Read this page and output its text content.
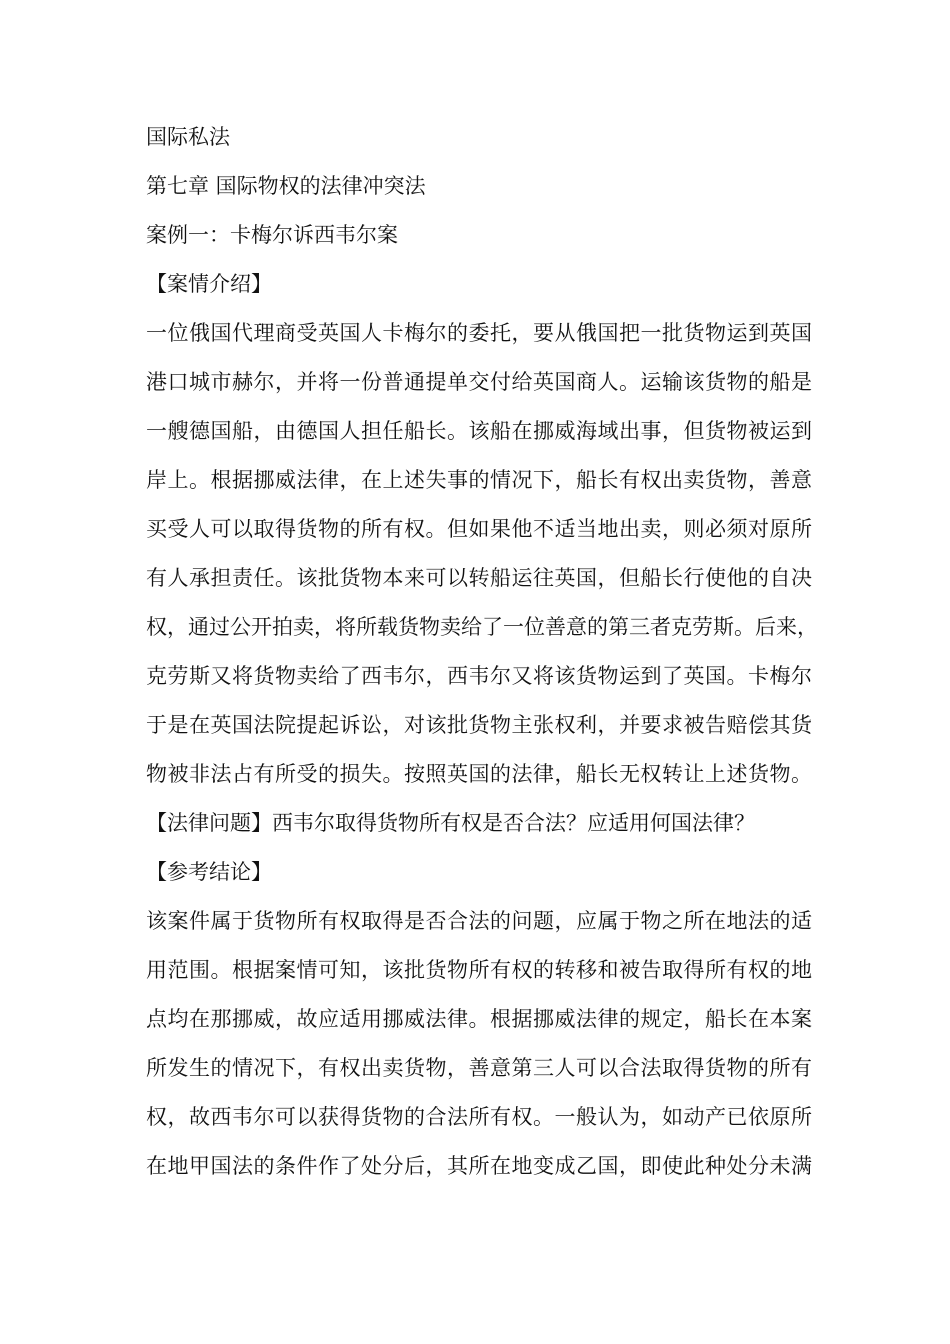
国际私法

第七章 国际物权的法律冲突法

案例一：卡梅尔诉西韦尔案

【案情介绍】

一位俄国代理商受英国人卡梅尔的委托，要从俄国把一批货物运到英国

港口城市赫尔，并将一份普通提单交付给英国商人。运输该货物的船是

一艘德国船，由德国人担任船长。该船在挪威海域出事，但货物被运到

岸上。根据挪威法律，在上述失事的情况下，船长有权出卖货物，善意

买受人可以取得货物的所有权。但如果他不适当地出卖，则必须对原所

有人承担责任。该批货物本来可以转船运往英国，但船长行使他的自决

权，通过公开拍卖，将所载货物卖给了一位善意的第三者克劳斯。后来，

克劳斯又将货物卖给了西韦尔，西韦尔又将该货物运到了英国。卡梅尔

于是在英国法院提起诉讼，对该批货物主张权利，并要求被告赔偿其货

物被非法占有所受的损失。按照英国的法律，船长无权转让上述货物。

【法律问题】西韦尔取得货物所有权是否合法？应适用何国法律？

【参考结论】

该案件属于货物所有权取得是否合法的问题，应属于物之所在地法的适

用范围。根据案情可知，该批货物所有权的转移和被告取得所有权的地

点均在那挪威，故应适用挪威法律。根据挪威法律的规定，船长在本案

所发生的情况下，有权出卖货物，善意第三人可以合法取得货物的所有

权，故西韦尔可以获得货物的合法所有权。一般认为，如动产已依原所

在地甲国法的条件作了处分后，其所在地变成乙国，即使此种处分未满
